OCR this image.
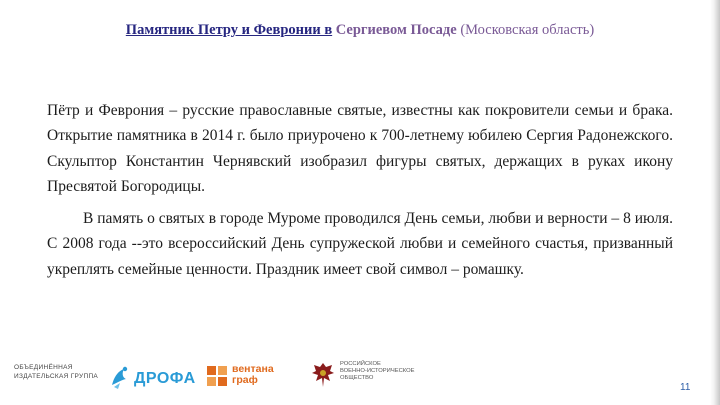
Памятник Петру и Февронии в Сергиевом Посаде (Московская область)

Пётр и Феврония – русские православные святые, известны как покровители семьи и брака. Открытие памятника в 2014 г. было приурочено к 700-летнему юбилею Сергия Радонежского. Скульптор Константин Чернявский изобразил фигуры святых, держащих в руках икону Пресвятой Богородицы.

В память о святых в городе Муроме проводился День семьи, любви и верности – 8 июля. С 2008 года --это всероссийский День супружеской любви и семейного счастья, призванный укреплять семейные ценности. Праздник имеет свой символ – ромашку.

ОБЪЕДИНЁННАЯ
ИЗДАТЕЛЬСКАЯ ГРУППА ДРОФА
вентана
граф
РОССИЙСКОЕ
ВОЕННО-ИСТОРИЧЕСКОЕ
ОБЩЕСТВО
11
